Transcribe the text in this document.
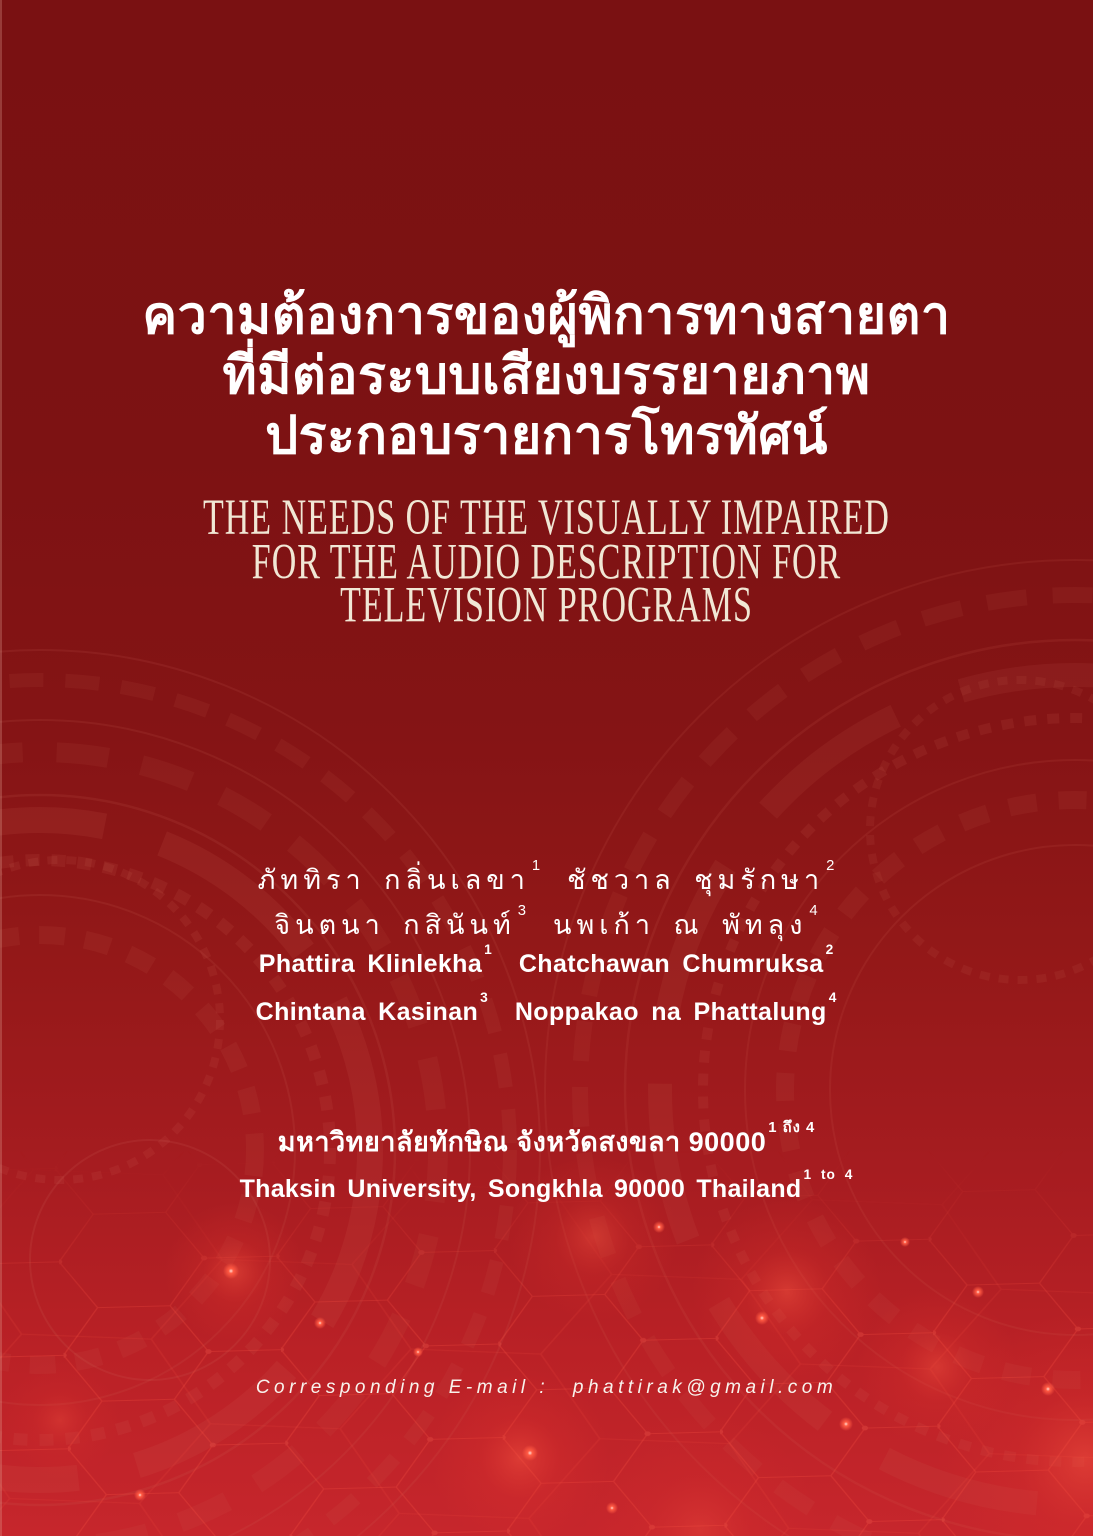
ความต้องการของผู้พิการทางสายตา
ที่มีต่อระบบเสียงบรรยายภาพ
ประกอบรายการโทรทัศน์
THE NEEDS OF THE VISUALLY IMPAIRED
FOR THE AUDIO DESCRIPTION FOR
TELEVISION PROGRAMS
ภัททิรา กลิ่นเลขา $^1$ ชัชวาล ชุมรักษา $^2$
จินตนา กสินันท์ $^3$ นพเก้า ณ พัทลุง $^4$
Phattira Klinlekha$^1$Chatchawan Chumruksa$^2$
Chintana Kasinan$^3$Noppakao na Phattalung$^4$
มหาวิทยาลัยทักษิณ จังหวัดสงขลา 90000 $^{1 ถึง 4}$
Thaksin University, Songkhla 90000 Thailand$^{1 to 4}$
Corresponding E-mail : phattirak@gmail.com
